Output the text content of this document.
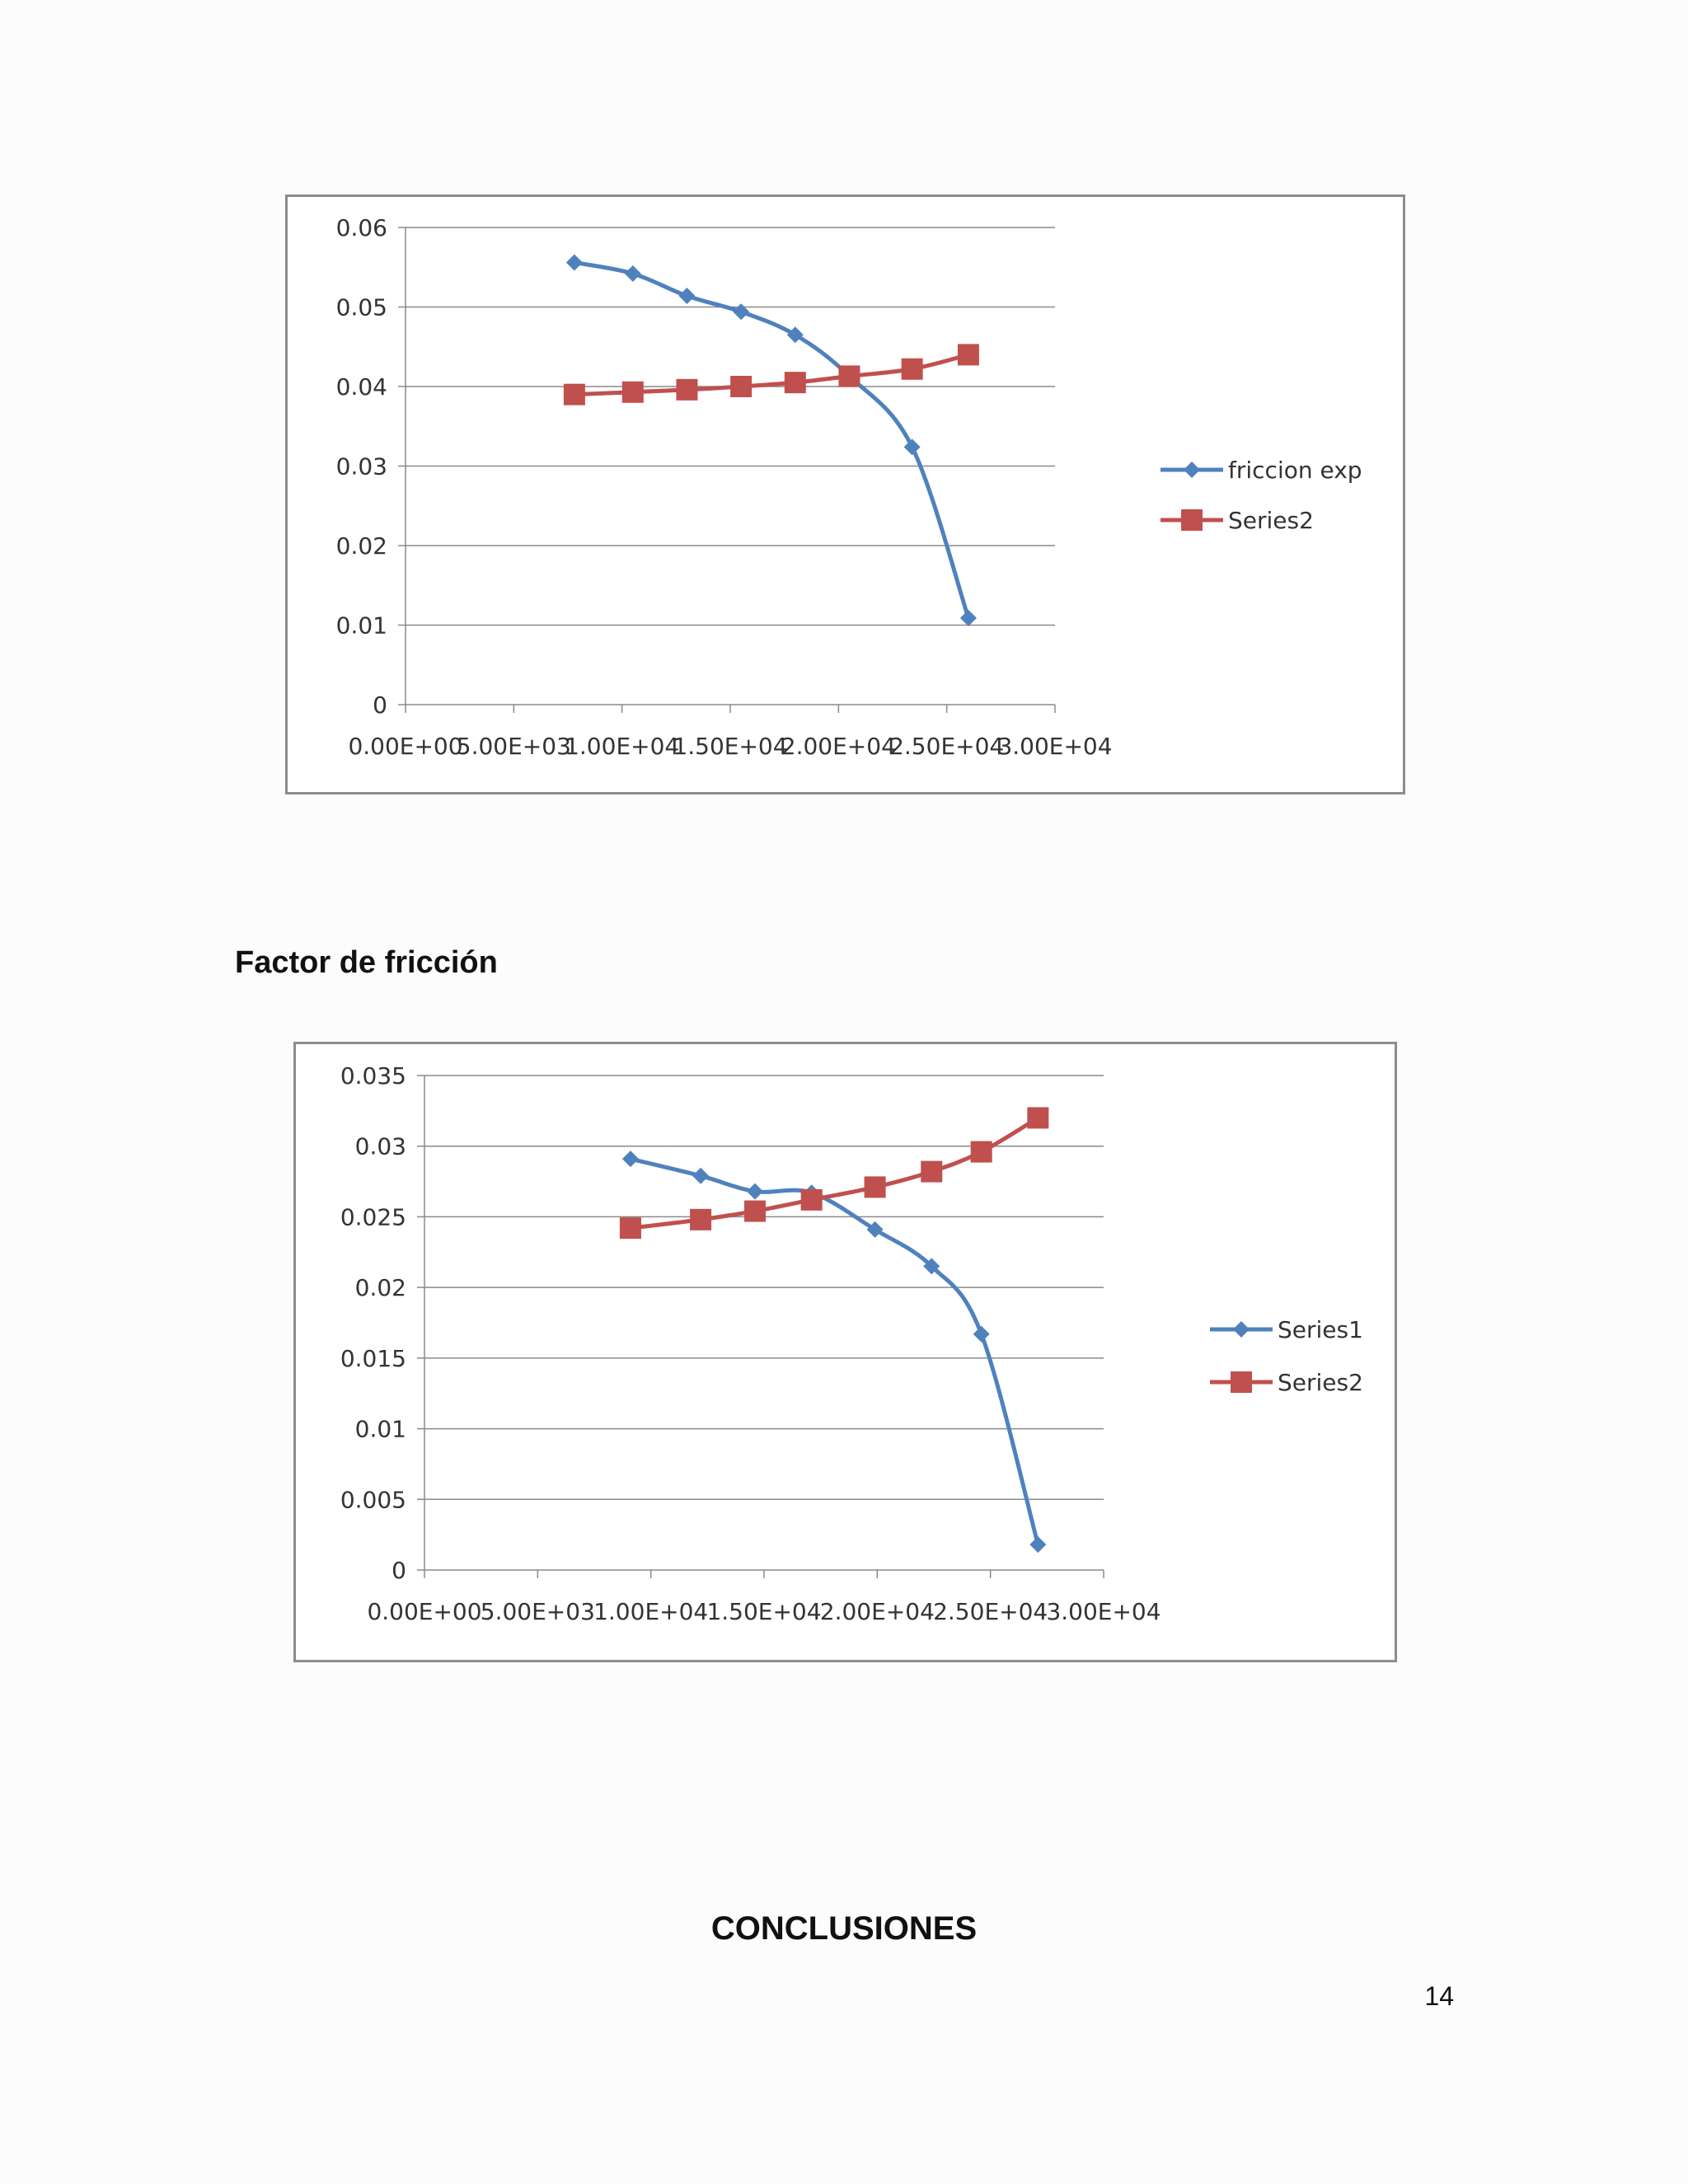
0
0.01
0.02
0.03
0.04
0.05
0.06
0.00E+00
5.00E+03
1.00E+04
1.50E+04
2.00E+04
2.50E+04
3.00E+04
friccion exp
Series2
Factor de fricción
0
0.005
0.01
0.015
0.02
0.025
0.03
0.035
0.00E+00
5.00E+03
1.00E+04
1.50E+04
2.00E+04
2.50E+04
3.00E+04
Series1
Series2
CONCLUSIONES
14
